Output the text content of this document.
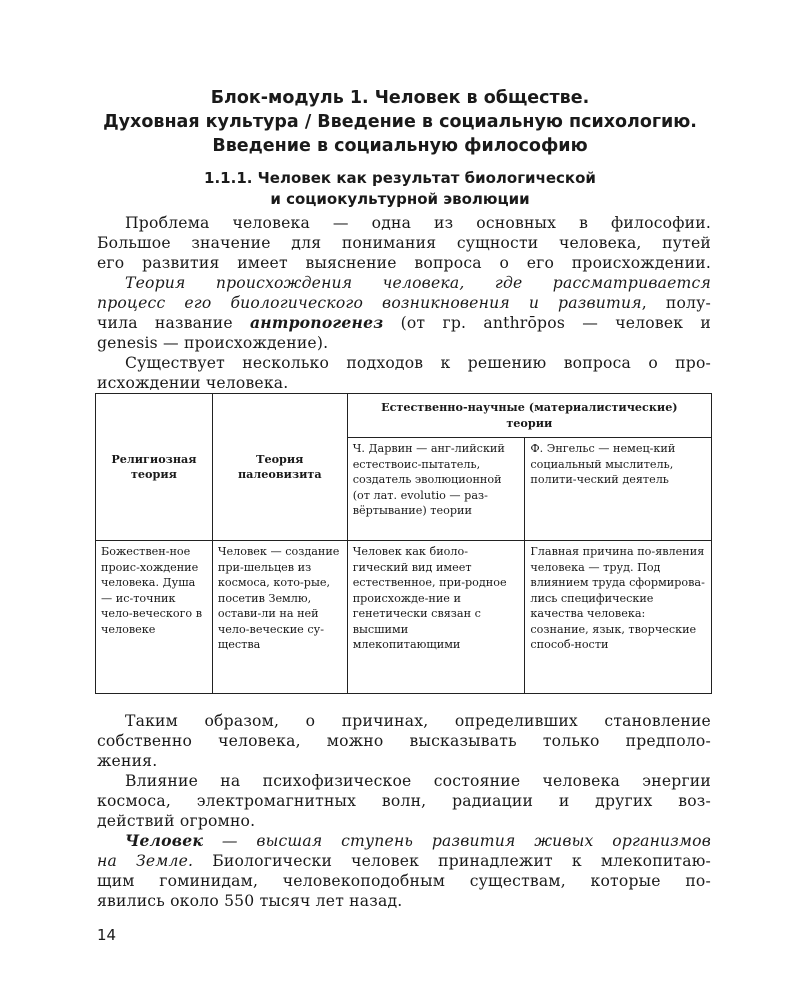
Блок-модуль 1. Человек в обществе.
Духовная культура / Введение в социальную психологию.
Введение в социальную философию
1.1.1. Человек как результат биологической
и социокультурной эволюции
Проблема человека — одна из основных в философии.
Большое значение для понимания сущности человека, путей
его развития имеет выяснение вопроса о его происхождении.
Теория происхождения человека, где рассматривается
процесс его биологического возникновения и развития, полу-
чила название антропогенез (от гр. anthrōpos — человек и
genesis — происхождение).
Существует несколько подходов к решению вопроса о про-
исхождении человека.
Религиозная теория	Теория палеовизита	Естественно-научные (материалистические) теории	
		Ч. Дарвин — анг-лийский естествоис-пытатель, создатель эволюционной (от лат. evolutio — раз-вёртывание) теории	Ф. Энгельс — немец-кий социальный мыслитель, полити-ческий деятель
Божествен-ное проис-хождение человека. Душа — ис-точник чело-веческого в человеке	Человек — создание при-шельцев из космоса, кото-рые, посетив Землю, остави-ли на ней чело-веческие су-щества	Человек как биоло-гический вид имеет естественное, при-родное происхожде-ние и генетически связан с высшими млекопитающими	Главная причина по-явления человека — труд. Под влиянием труда сформирова-лись специфические качества человека: сознание, язык, творческие способ-ности
Таким образом, о причинах, определивших становление
собственно человека, можно высказывать только предполо-
жения.
Влияние на психофизическое состояние человека энергии
космоса, электромагнитных волн, радиации и других воз-
действий огромно.
Человек — высшая ступень развития живых организмов
на Земле. Биологически человек принадлежит к млекопитаю-
щим гоминидам, человекоподобным существам, которые по-
явились около 550 тысяч лет назад.
14
